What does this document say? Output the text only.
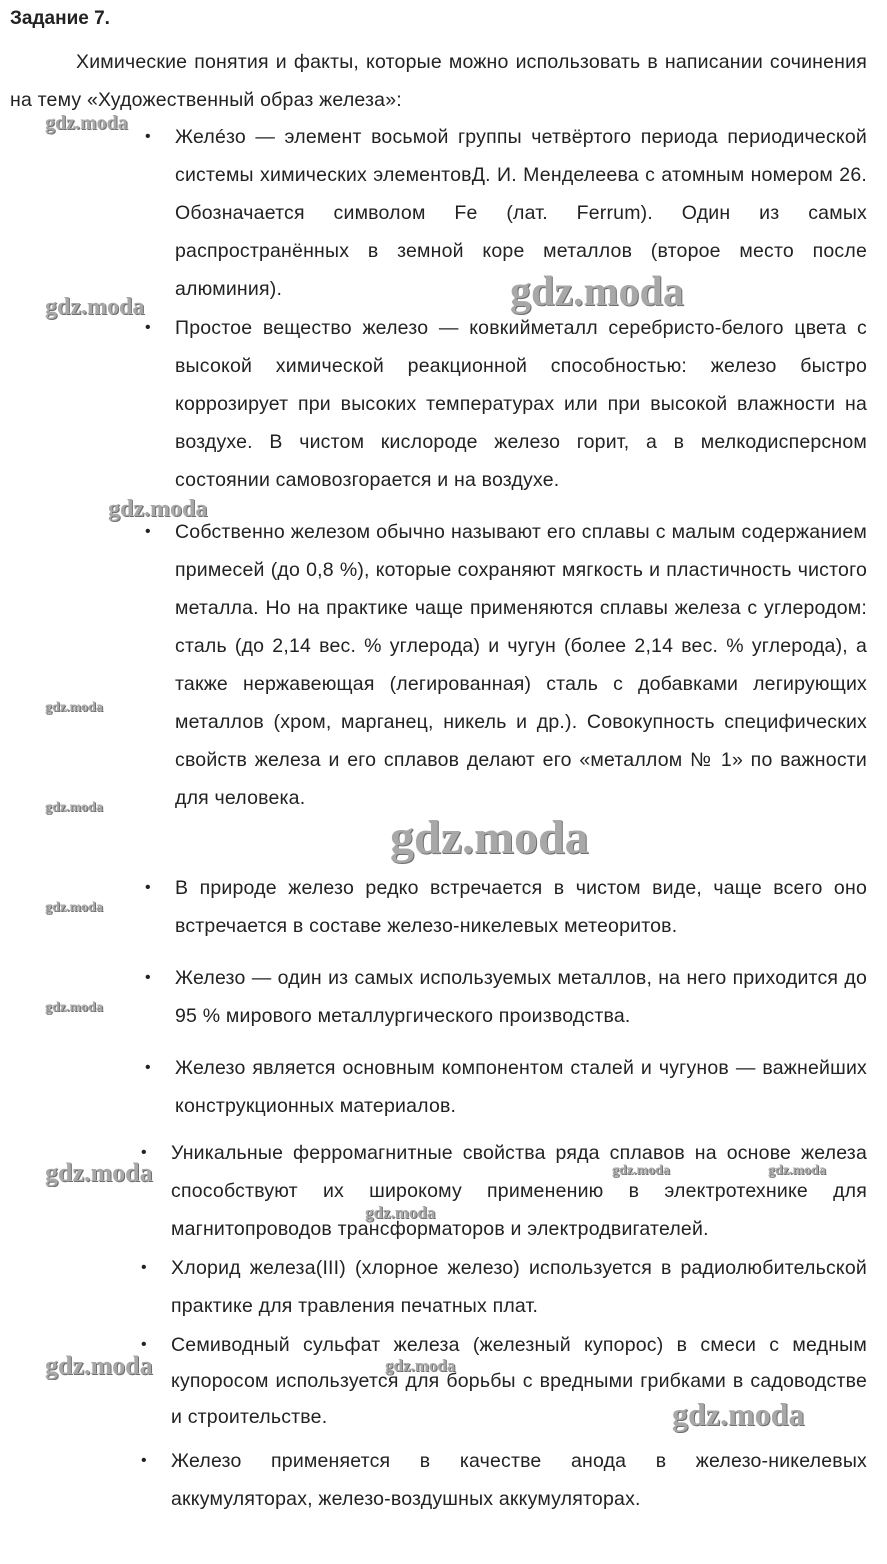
Задание 7.
Химические понятия и факты, которые можно использовать в написании сочинения на тему «Художественный образ железа»:
• Желéзо — элемент восьмой группы четвёртого периода периодической системы химических элементовД. И. Менделеева с атомным номером 26. Обозначается символом Fe (лат. Ferrum). Один из самых распространённых в земной коре металлов (второе место после алюминия).
• Простое вещество железо — ковкийметалл серебристо-белого цвета с высокой химической реакционной способностью: железо быстро коррозирует при высоких температурах или при высокой влажности на воздухе. В чистом кислороде железо горит, а в мелкодисперсном состоянии самовозгорается и на воздухе.
• Собственно железом обычно называют его сплавы с малым содержанием примесей (до 0,8 %), которые сохраняют мягкость и пластичность чистого металла. Но на практике чаще применяются сплавы железа с углеродом: сталь (до 2,14 вес. % углерода) и чугун (более 2,14 вес. % углерода), а также нержавеющая (легированная) сталь с добавками легирующих металлов (хром, марганец, никель и др.). Совокупность специфических свойств железа и его сплавов делают его «металлом № 1» по важности для человека.
• В природе железо редко встречается в чистом виде, чаще всего оно встречается в составе железо-никелевых метеоритов.
• Железо — один из самых используемых металлов, на него приходится до 95 % мирового металлургического производства.
• Железо является основным компонентом сталей и чугунов — важнейших конструкционных материалов.
• Уникальные ферромагнитные свойства ряда сплавов на основе железа способствуют их широкому применению в электротехнике для магнитопроводов трансформаторов и электродвигателей.
• Хлорид железа(III) (хлорное железо) используется в радиолюбительской практике для травления печатных плат.
• Семиводный сульфат железа (железный купорос) в смеси с медным купоросом используется для борьбы с вредными грибками в садоводстве и строительстве.
• Железо применяется в качестве анода в железо-никелевых аккумуляторах, железо-воздушных аккумуляторах.
gdz.moda
gdz.moda
gdz.moda
gdz.moda
gdz.moda
gdz.moda
gdz.moda
gdz.moda
gdz.moda
gdz.moda	gdz.moda	gdz.moda
gdz.moda
gdz.moda	gdz.moda
gdz.moda
